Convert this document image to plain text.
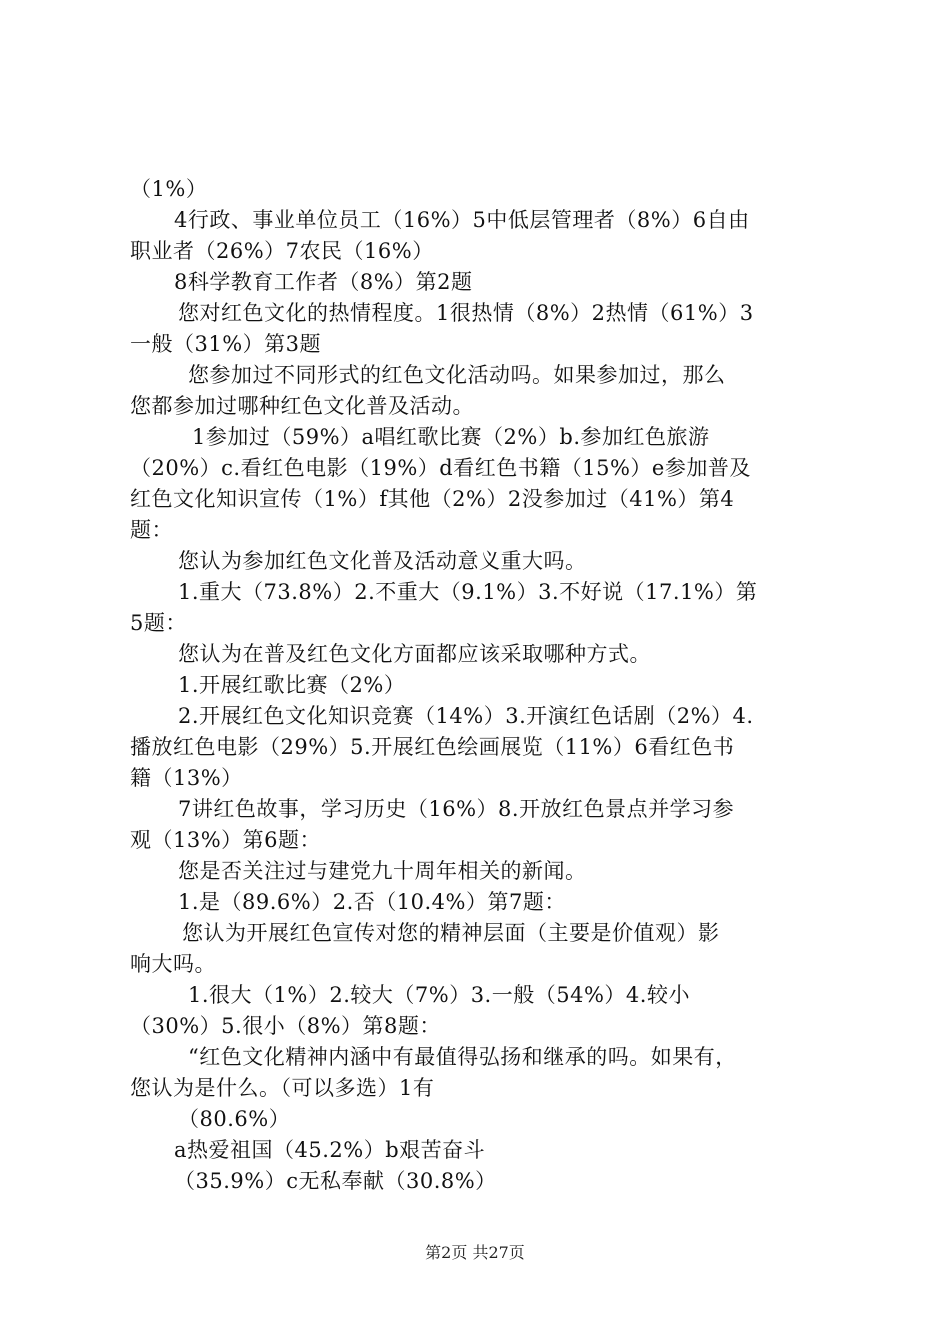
（1%）
4行政、事业单位员工（16%）5中低层管理者（8%）6自由
职业者（26%）7农民（16%）
8科学教育工作者（8%）第2题
您对红色文化的热情程度。1很热情（8%）2热情（61%）3
一般（31%）第3题
您参加过不同形式的红色文化活动吗。如果参加过，那么
您都参加过哪种红色文化普及活动。
1参加过（59%）a唱红歌比赛（2%）b.参加红色旅游
（20%）c.看红色电影（19%）d看红色书籍（15%）e参加普及
红色文化知识宣传（1%）f其他（2%）2没参加过（41%）第4
题：
您认为参加红色文化普及活动意义重大吗。
1.重大（73.8%）2.不重大（9.1%）3.不好说（17.1%）第
5题：
您认为在普及红色文化方面都应该采取哪种方式。
1.开展红歌比赛（2%）
2.开展红色文化知识竞赛（14%）3.开演红色话剧（2%）4.
播放红色电影（29%）5.开展红色绘画展览（11%）6看红色书
籍（13%）
7讲红色故事，学习历史（16%）8.开放红色景点并学习参
观（13%）第6题：
您是否关注过与建党九十周年相关的新闻。
1.是（89.6%）2.否（10.4%）第7题：
您认为开展红色宣传对您的精神层面（主要是价值观）影
响大吗。
1.很大（1%）2.较大（7%）3.一般（54%）4.较小
（30%）5.很小（8%）第8题：
“红色文化精神内涵中有最值得弘扬和继承的吗。如果有，
您认为是什么。（可以多选）1有
（80.6%）
a热爱祖国（45.2%）b艰苦奋斗
（35.9%）c无私奉献（30.8%）
第2页 共27页
